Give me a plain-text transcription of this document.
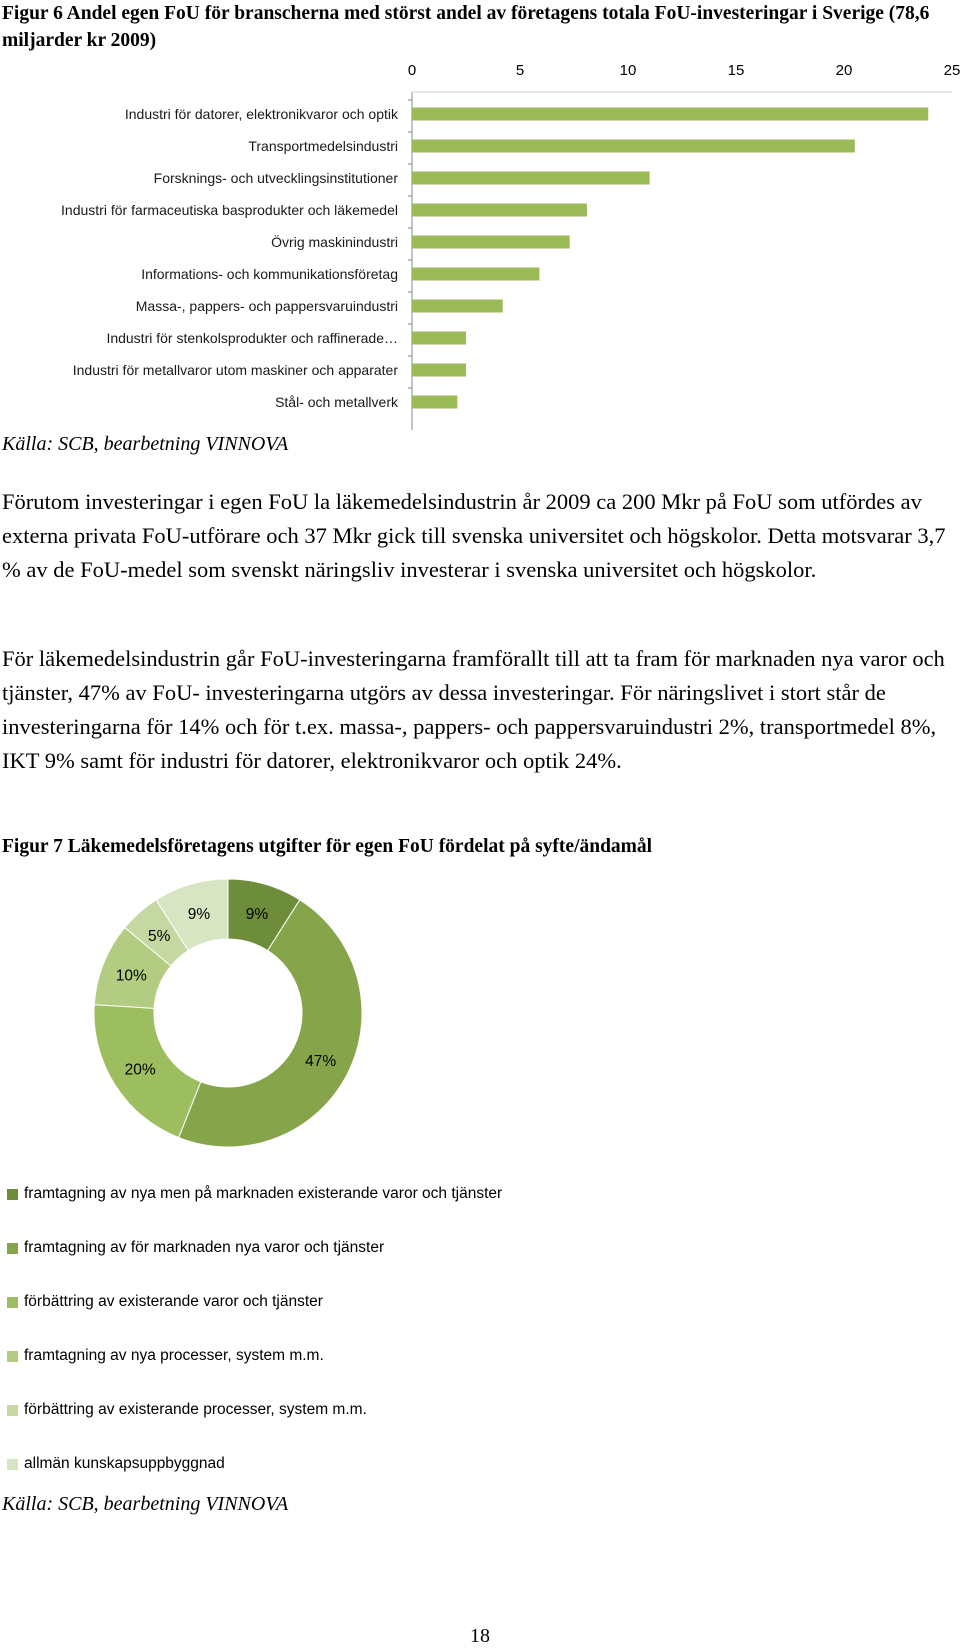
Figur 6 Andel egen FoU för branscherna med störst andel av företagens totala FoU-investeringar i Sverige (78,6 miljarder kr 2009)

0	5	10	15	20	25
Industri för datorer, elektronikvaror och optik
Transportmedelsindustri
Forsknings- och utvecklingsinstitutioner
Industri för farmaceutiska basprodukter och läkemedel
Övrig maskinindustri
Informations- och kommunikationsföretag
Massa-, pappers- och pappersvaruindustri
Industri för stenkolsprodukter och raffinerade…
Industri för metallvaror utom maskiner och apparater
Stål- och metallverk

Källa: SCB, bearbetning VINNOVA

Förutom investeringar i egen FoU la läkemedelsindustrin år 2009 ca 200 Mkr på FoU som utfördes av externa privata FoU-utförare och 37 Mkr gick till svenska universitet och högskolor. Detta motsvarar 3,7 % av de FoU-medel som svenskt näringsliv investerar i svenska universitet och högskolor.

För läkemedelsindustrin går FoU-investeringarna framförallt till att ta fram för marknaden nya varor och tjänster, 47% av FoU- investeringarna utgörs av dessa investeringar. För näringslivet i stort står de investeringarna för 14% och för t.ex. massa-, pappers- och pappersvaruindustri 2%, transportmedel 8%, IKT 9% samt för industri för datorer, elektronikvaror och optik 24%.

Figur 7 Läkemedelsföretagens utgifter för egen FoU fördelat på syfte/ändamål

9%
47%
20%
10%
5%
9%
framtagning av nya men på marknaden existerande varor och tjänster
framtagning av för marknaden nya varor och tjänster
förbättring av existerande varor och tjänster
framtagning av nya processer, system m.m.
förbättring av existerande processer, system m.m.
allmän kunskapsuppbyggnad

Källa: SCB, bearbetning VINNOVA

18
